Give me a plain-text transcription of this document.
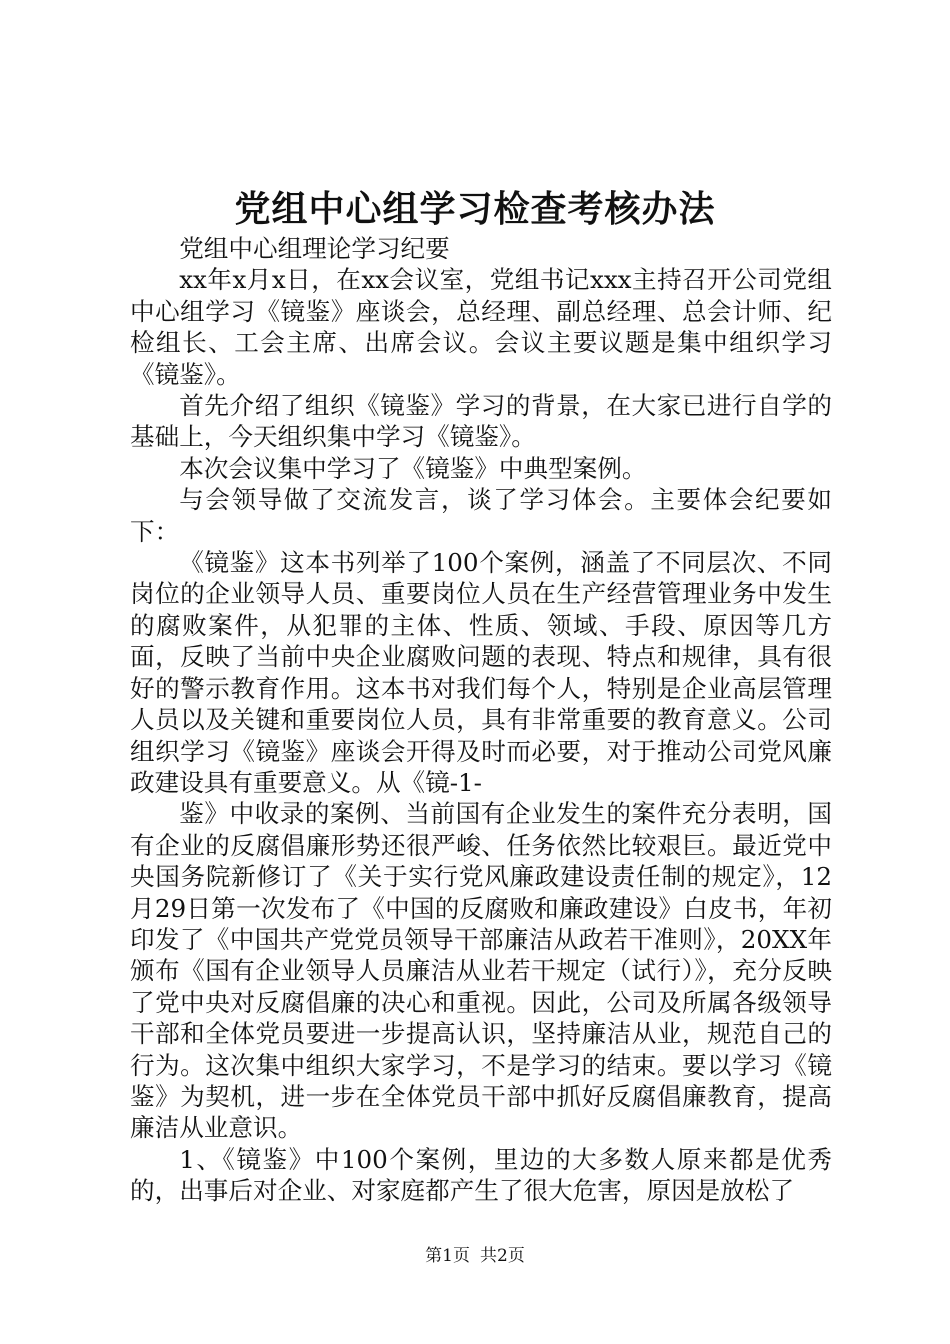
党组中心组学习检查考核办法

党组中心组理论学习纪要

xx年x月x日，在xx会议室，党组书记xxx主持召开公司党组中心组学习《镜鉴》座谈会，总经理、副总经理、总会计师、纪检组长、工会主席、出席会议。会议主要议题是集中组织学习《镜鉴》。

首先介绍了组织《镜鉴》学习的背景，在大家已进行自学的基础上，今天组织集中学习《镜鉴》。

本次会议集中学习了《镜鉴》中典型案例。

与会领导做了交流发言，谈了学习体会。主要体会纪要如下：

《镜鉴》这本书列举了100个案例，涵盖了不同层次、不同岗位的企业领导人员、重要岗位人员在生产经营管理业务中发生的腐败案件，从犯罪的主体、性质、领域、手段、原因等几方面，反映了当前中央企业腐败问题的表现、特点和规律，具有很好的警示教育作用。这本书对我们每个人，特别是企业高层管理人员以及关键和重要岗位人员，具有非常重要的教育意义。公司组织学习《镜鉴》座谈会开得及时而必要，对于推动公司党风廉政建设具有重要意义。从《镜-1-

鉴》中收录的案例、当前国有企业发生的案件充分表明，国有企业的反腐倡廉形势还很严峻、任务依然比较艰巨。最近党中央国务院新修订了《关于实行党风廉政建设责任制的规定》，12月29日第一次发布了《中国的反腐败和廉政建设》白皮书，年初印发了《中国共产党党员领导干部廉洁从政若干准则》，20XX年颁布《国有企业领导人员廉洁从业若干规定（试行）》，充分反映了党中央对反腐倡廉的决心和重视。因此，公司及所属各级领导干部和全体党员要进一步提高认识，坚持廉洁从业，规范自己的行为。这次集中组织大家学习，不是学习的结束。要以学习《镜鉴》为契机，进一步在全体党员干部中抓好反腐倡廉教育，提高廉洁从业意识。

1、《镜鉴》中100个案例，里边的大多数人原来都是优秀的，出事后对企业、对家庭都产生了很大危害，原因是放松了

第1页 共2页
